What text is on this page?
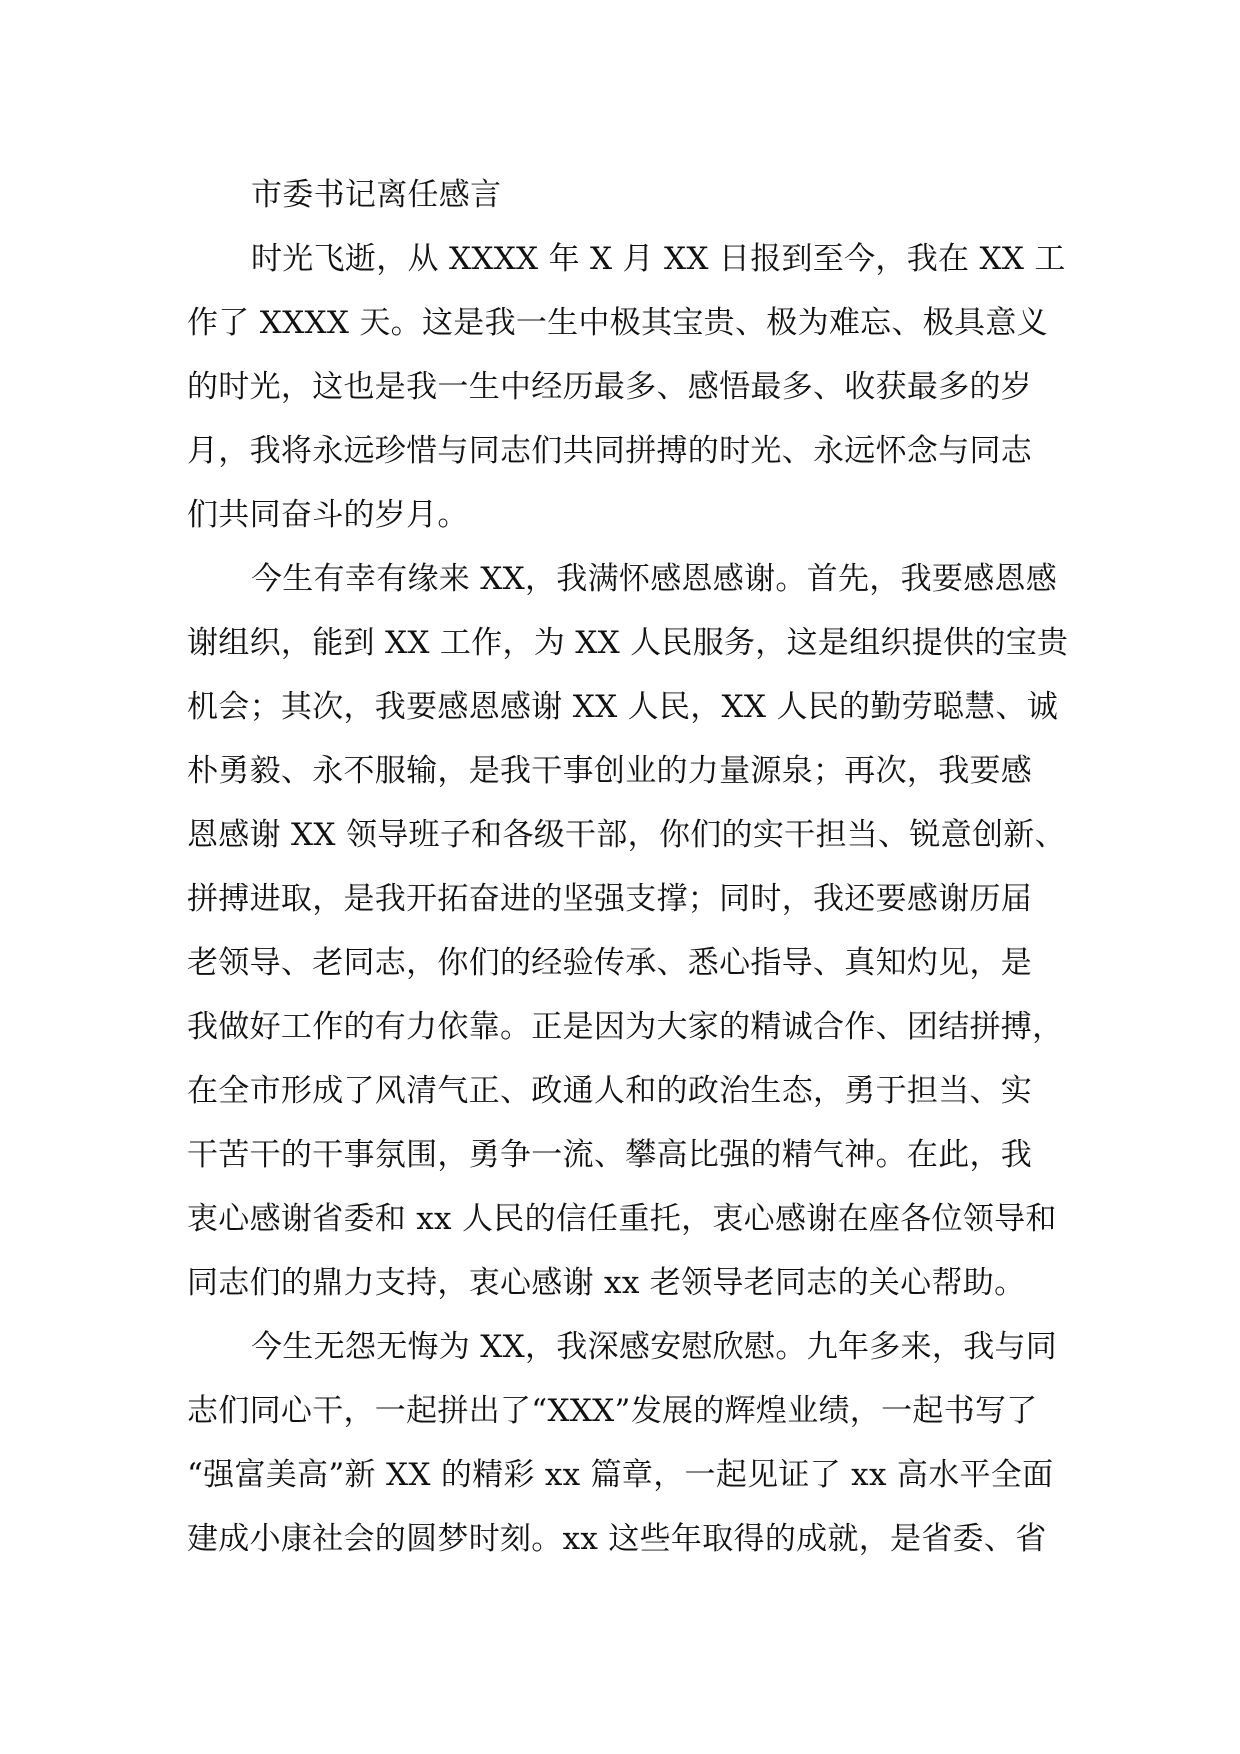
市委书记离任感言
时光飞逝，从 XXXX 年 X 月 XX 日报到至今，我在 XX 工
作了 XXXX 天。这是我一生中极其宝贵、极为难忘、极具意义
的时光，这也是我一生中经历最多、感悟最多、收获最多的岁
月，我将永远珍惜与同志们共同拼搏的时光、永远怀念与同志
们共同奋斗的岁月。
今生有幸有缘来 XX，我满怀感恩感谢。首先，我要感恩感
谢组织，能到 XX 工作，为 XX 人民服务，这是组织提供的宝贵
机会；其次，我要感恩感谢 XX 人民，XX 人民的勤劳聪慧、诚
朴勇毅、永不服输，是我干事创业的力量源泉；再次，我要感
恩感谢 XX 领导班子和各级干部，你们的实干担当、锐意创新、
拼搏进取，是我开拓奋进的坚强支撑；同时，我还要感谢历届
老领导、老同志，你们的经验传承、悉心指导、真知灼见，是
我做好工作的有力依靠。正是因为大家的精诚合作、团结拼搏，
在全市形成了风清气正、政通人和的政治生态，勇于担当、实
干苦干的干事氛围，勇争一流、攀高比强的精气神。在此，我
衷心感谢省委和 xx 人民的信任重托，衷心感谢在座各位领导和
同志们的鼎力支持，衷心感谢 xx 老领导老同志的关心帮助。
今生无怨无悔为 XX，我深感安慰欣慰。九年多来，我与同
志们同心干，一起拼出了“XXX”发展的辉煌业绩，一起书写了
“强富美高”新 XX 的精彩 xx 篇章，一起见证了 xx 高水平全面
建成小康社会的圆梦时刻。xx 这些年取得的成就，是省委、省
